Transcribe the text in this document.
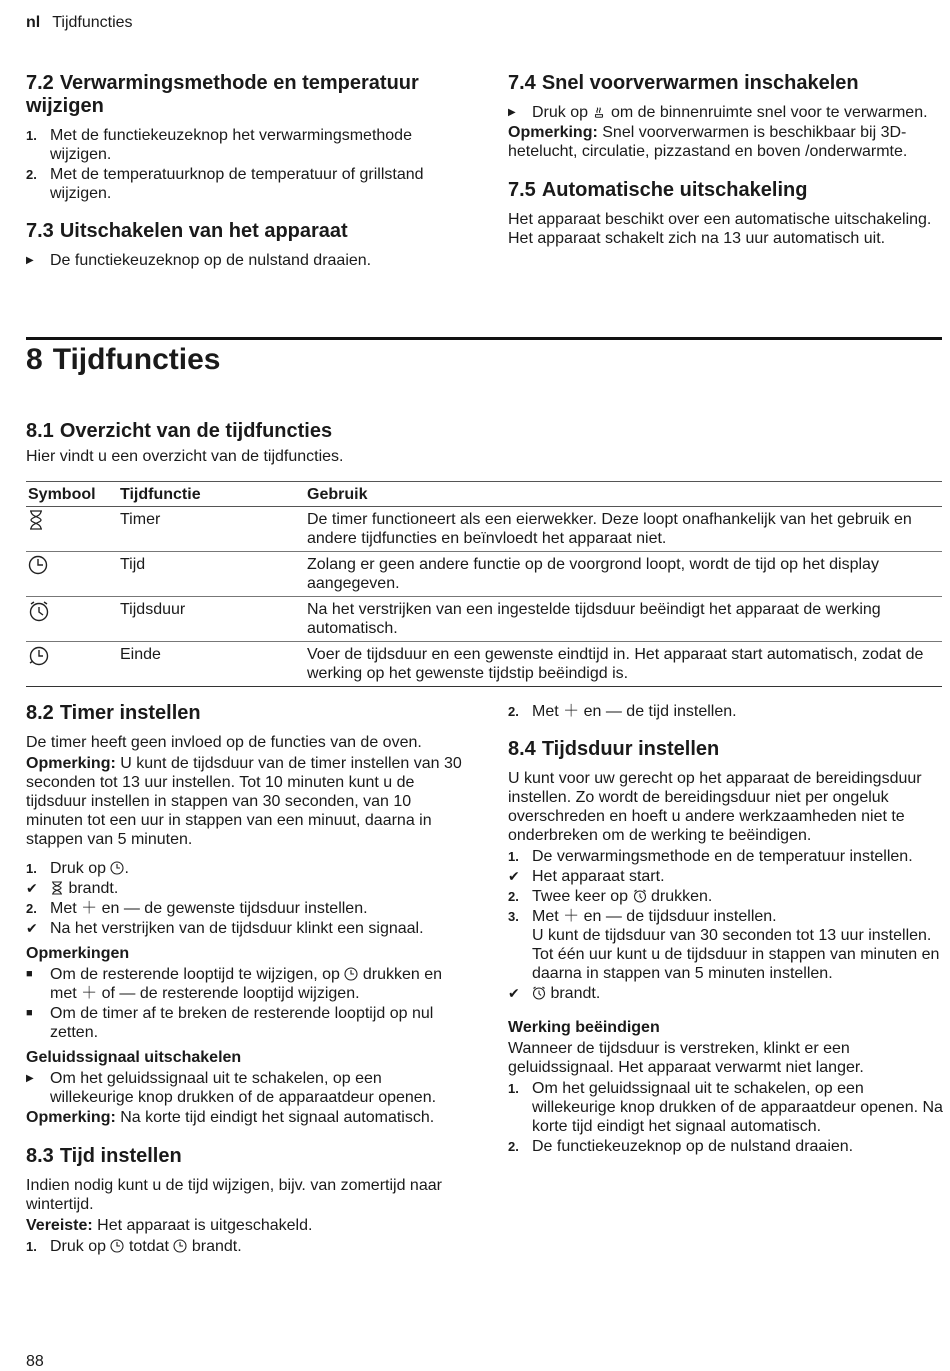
nl Tijdfuncties
7.2 Verwarmingsmethode en temperatuur wijzigen
1. Met de functiekeuzeknop het verwarmingsmethode wijzigen.
2. Met de temperatuurknop de temperatuur of grillstand wijzigen.
7.3 Uitschakelen van het apparaat
▶	De functiekeuzeknop op de nulstand draaien.
7.4 Snel voorverwarmen inschakelen
▶	Druk op om de binnenruimte snel voor te verwarmen.

Opmerking: Snel voorverwarmen is beschikbaar bij 3D-hetelucht, circulatie, pizzastand en boven /onderwarmte.

7.5 Automatische uitschakeling

Het apparaat beschikt over een automatische uitschakeling. Het apparaat schakelt zich na 13 uur automatisch uit.

8 Tijdfuncties
8.1 Overzicht van de tijdfuncties

Hier vindt u een overzicht van de tijdfuncties.

Symbool	Tijdfunctie	Gebruik
	Timer	De timer functioneert als een eierwekker. Deze loopt onafhankelijk van het gebruik en andere tijdfuncties en beïnvloedt het apparaat niet.
	Tijd	Zolang er geen andere functie op de voorgrond loopt, wordt de tijd op het display aangegeven.
	Tijdsduur	Na het verstrijken van een ingestelde tijdsduur beëindigt het apparaat de werking automatisch.
	Einde	Voer de tijdsduur en een gewenste eindtijd in. Het apparaat start automatisch, zodat de werking op het gewenste tijdstip beëindigd is.
8.2 Timer instellen

De timer heeft geen invloed op de functies van de oven.

Opmerking: U kunt de tijdsduur van de timer instellen van 30 seconden tot 13 uur instellen. Tot 10 minuten kunt u de tijdsduur instellen in stappen van 30 seconden, van 10 minuten tot een uur in stappen van een minuut, daarna in stappen van 5 minuten.

1. Druk op .
✔	brandt.
2. Met ＋ en — de gewenste tijdsduur instellen.
✔ Na het verstrijken van de tijdsduur klinkt een signaal.
Opmerkingen
■	Om de resterende looptijd te wijzigen, op drukken en met ＋ of — de resterende looptijd wijzigen.
■	Om de timer af te breken de resterende looptijd op nul zetten.
Geluidssignaal uitschakelen
▶	Om het geluidssignaal uit te schakelen, op een willekeurige knop drukken of de apparaatdeur openen.

Opmerking: Na korte tijd eindigt het signaal automatisch.

8.3 Tijd instellen

Indien nodig kunt u de tijd wijzigen, bijv. van zomertijd naar wintertijd.

Vereiste: Het apparaat is uitgeschakeld.

1. Druk op totdat brandt.
2. Met ＋ en — de tijd instellen.
8.4 Tijdsduur instellen

U kunt voor uw gerecht op het apparaat de bereidingsduur instellen. Zo wordt de bereidingsduur niet per ongeluk overschreden en hoeft u andere werkzaamheden niet te onderbreken om de werking te beëindigen.

1. De verwarmingsmethode en de temperatuur instellen.
✔ Het apparaat start.
2. Twee keer op drukken.
3. Met ＋ en — de tijdsduur instellen.
U kunt de tijdsduur van 30 seconden tot 13 uur instellen. Tot één uur kunt u de tijdsduur in stappen van minuten en daarna in stappen van 5 minuten instellen.
✔	brandt.
Werking beëindigen

Wanneer de tijdsduur is verstreken, klinkt er een geluidssignaal. Het apparaat verwarmt niet langer.

1. Om het geluidssignaal uit te schakelen, op een willekeurige knop drukken of de apparaatdeur openen. Na korte tijd eindigt het signaal automatisch.
2. De functiekeuzeknop op de nulstand draaien.
88
